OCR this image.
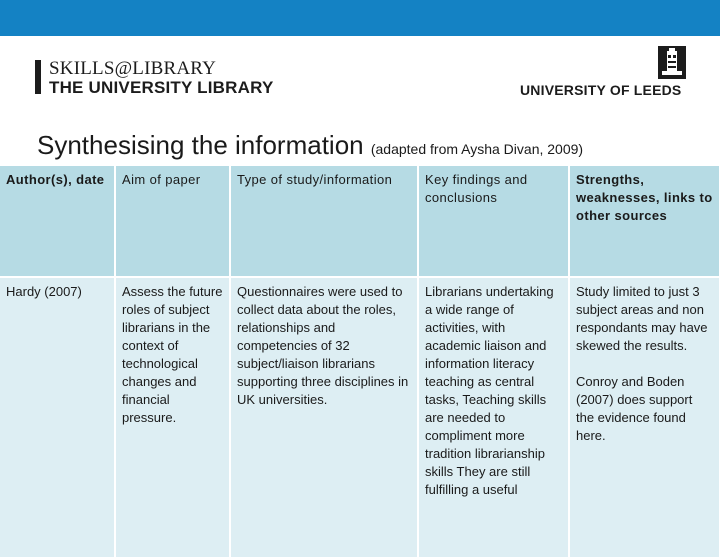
SKILLS@LIBRARY
THE UNIVERSITY LIBRARY	UNIVERSITY OF LEEDS
Synthesising the information (adapted from Aysha Divan, 2009)
Author(s), date	Aim of paper	Type of study/information	Key findings and conclusions	Strengths, weaknesses, links to other sources
Hardy (2007)	Assess the future roles of subject librarians in the context of technological changes and financial pressure.	Questionnaires were used to collect data about the roles, relationships and competencies of 32 subject/liaison librarians supporting three disciplines in UK universities.	Librarians undertaking a wide range of activities, with academic liaison and information literacy teaching as central tasks, Teaching skills are needed to compliment more tradition librarianship skills They are still fulfilling a useful	Study limited to just 3 subject areas and non respondants may have skewed the results.
Conroy and Boden (2007) does support the evidence found here.
